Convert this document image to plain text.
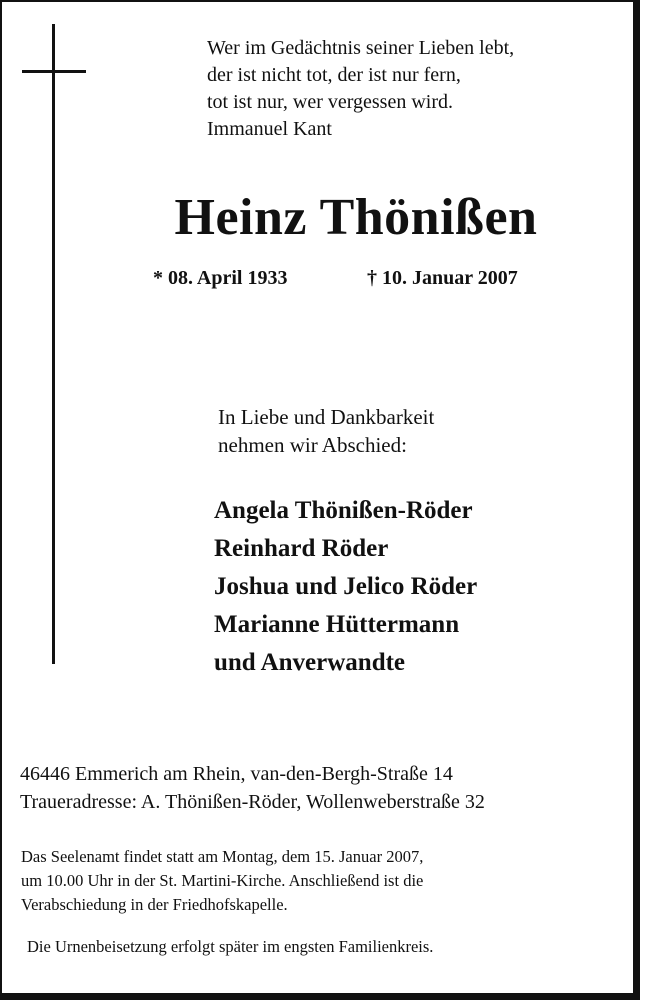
Wer im Gedächtnis seiner Lieben lebt,
der ist nicht tot, der ist nur fern,
tot ist nur, wer vergessen wird.
Immanuel Kant
Heinz Thönißen
* 08. April 1933	† 10. Januar 2007
In Liebe und Dankbarkeit
nehmen wir Abschied:
Angela Thönißen-Röder
Reinhard Röder
Joshua und Jelico Röder
Marianne Hüttermann
und Anverwandte
46446 Emmerich am Rhein, van-den-Bergh-Straße 14
Traueradresse: A. Thönißen-Röder, Wollenweberstraße 32
Das Seelenamt findet statt am Montag, dem 15. Januar 2007,
um 10.00 Uhr in der St. Martini-Kirche. Anschließend ist die
Verabschiedung in der Friedhofskapelle.
Die Urnenbeisetzung erfolgt später im engsten Familienkreis.
